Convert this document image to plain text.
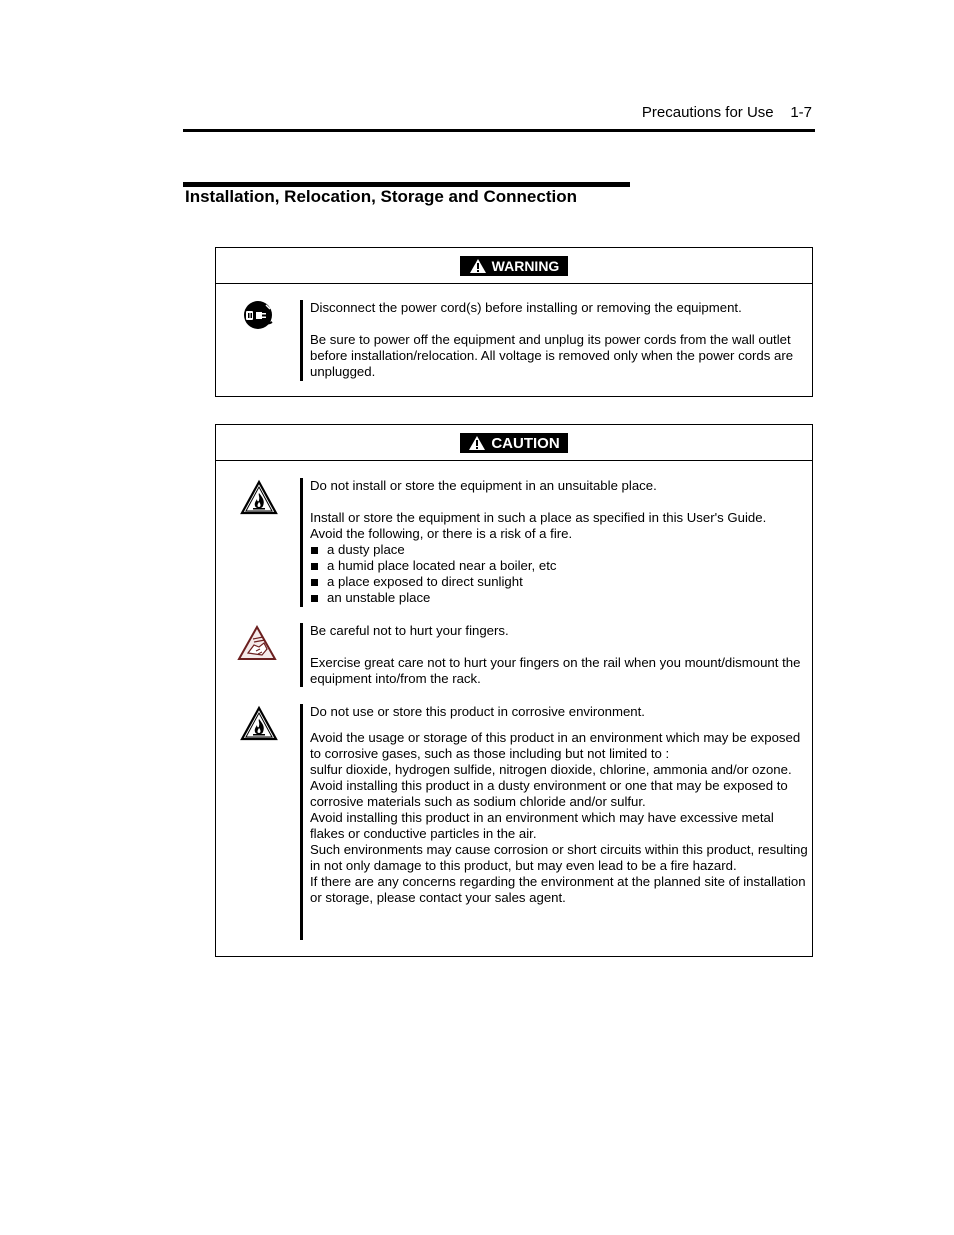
Precautions for Use 1-7
Installation, Relocation, Storage and Connection
WARNING

Disconnect the power cord(s) before installing or removing the equipment.

Be sure to power off the equipment and unplug its power cords from the wall outlet before installation/relocation. All voltage is removed only when the power cords are unplugged.

CAUTION

Do not install or store the equipment in an unsuitable place.

Install or store the equipment in such a place as specified in this User's Guide.

Avoid the following, or there is a risk of a fire.

a dusty place
a humid place located near a boiler, etc
a place exposed to direct sunlight
an unstable place

Be careful not to hurt your fingers.

Exercise great care not to hurt your fingers on the rail when you mount/dismount the equipment into/from the rack.

Do not use or store this product in corrosive environment.

Avoid the usage or storage of this product in an environment which may be exposed to corrosive gases, such as those including but not limited to :

sulfur dioxide, hydrogen sulfide, nitrogen dioxide, chlorine, ammonia and/or ozone.

Avoid installing this product in a dusty environment or one that may be exposed to corrosive materials such as sodium chloride and/or sulfur.

Avoid installing this product in an environment which may have excessive metal flakes or conductive particles in the air.

Such environments may cause corrosion or short circuits within this product, resulting in not only damage to this product, but may even lead to be a fire hazard.

If there are any concerns regarding the environment at the planned site of installation or storage, please contact your sales agent.
